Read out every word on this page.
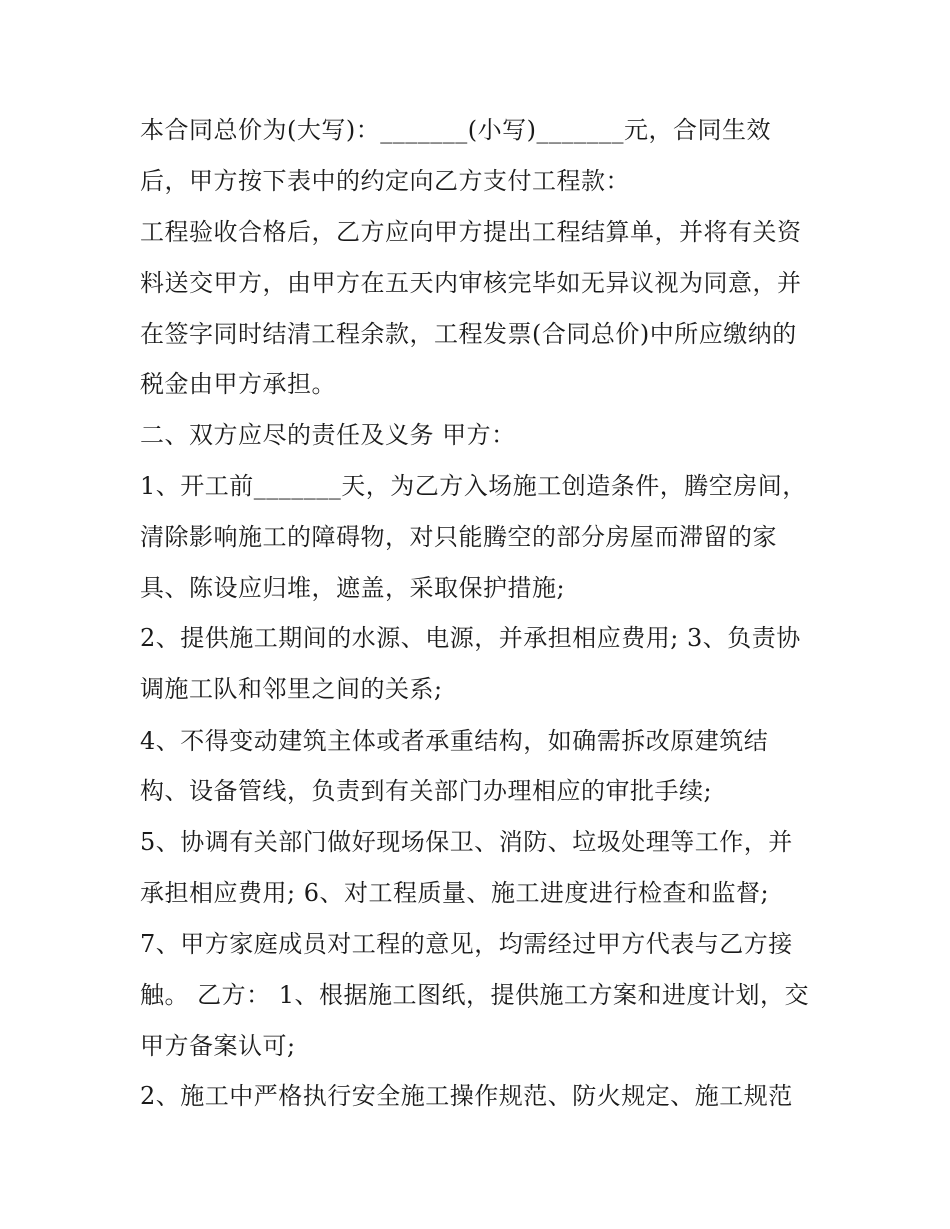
本合同总价为(大写)：_______(小写)_______元，合同生效
后，甲方按下表中的约定向乙方支付工程款：
工程验收合格后，乙方应向甲方提出工程结算单，并将有关资
料送交甲方，由甲方在五天内审核完毕如无异议视为同意，并
在签字同时结清工程余款，工程发票(合同总价)中所应缴纳的
税金由甲方承担。
二、双方应尽的责任及义务 甲方：
1、开工前_______天，为乙方入场施工创造条件，腾空房间，
清除影响施工的障碍物，对只能腾空的部分房屋而滞留的家
具、陈设应归堆，遮盖，采取保护措施;
2、提供施工期间的水源、电源，并承担相应费用; 3、负责协
调施工队和邻里之间的关系;
4、不得变动建筑主体或者承重结构，如确需拆改原建筑结
构、设备管线，负责到有关部门办理相应的审批手续;
5、协调有关部门做好现场保卫、消防、垃圾处理等工作，并
承担相应费用; 6、对工程质量、施工进度进行检查和监督;
7、甲方家庭成员对工程的意见，均需经过甲方代表与乙方接
触。 乙方： 1、根据施工图纸，提供施工方案和进度计划，交
甲方备案认可;
2、施工中严格执行安全施工操作规范、防火规定、施工规范
